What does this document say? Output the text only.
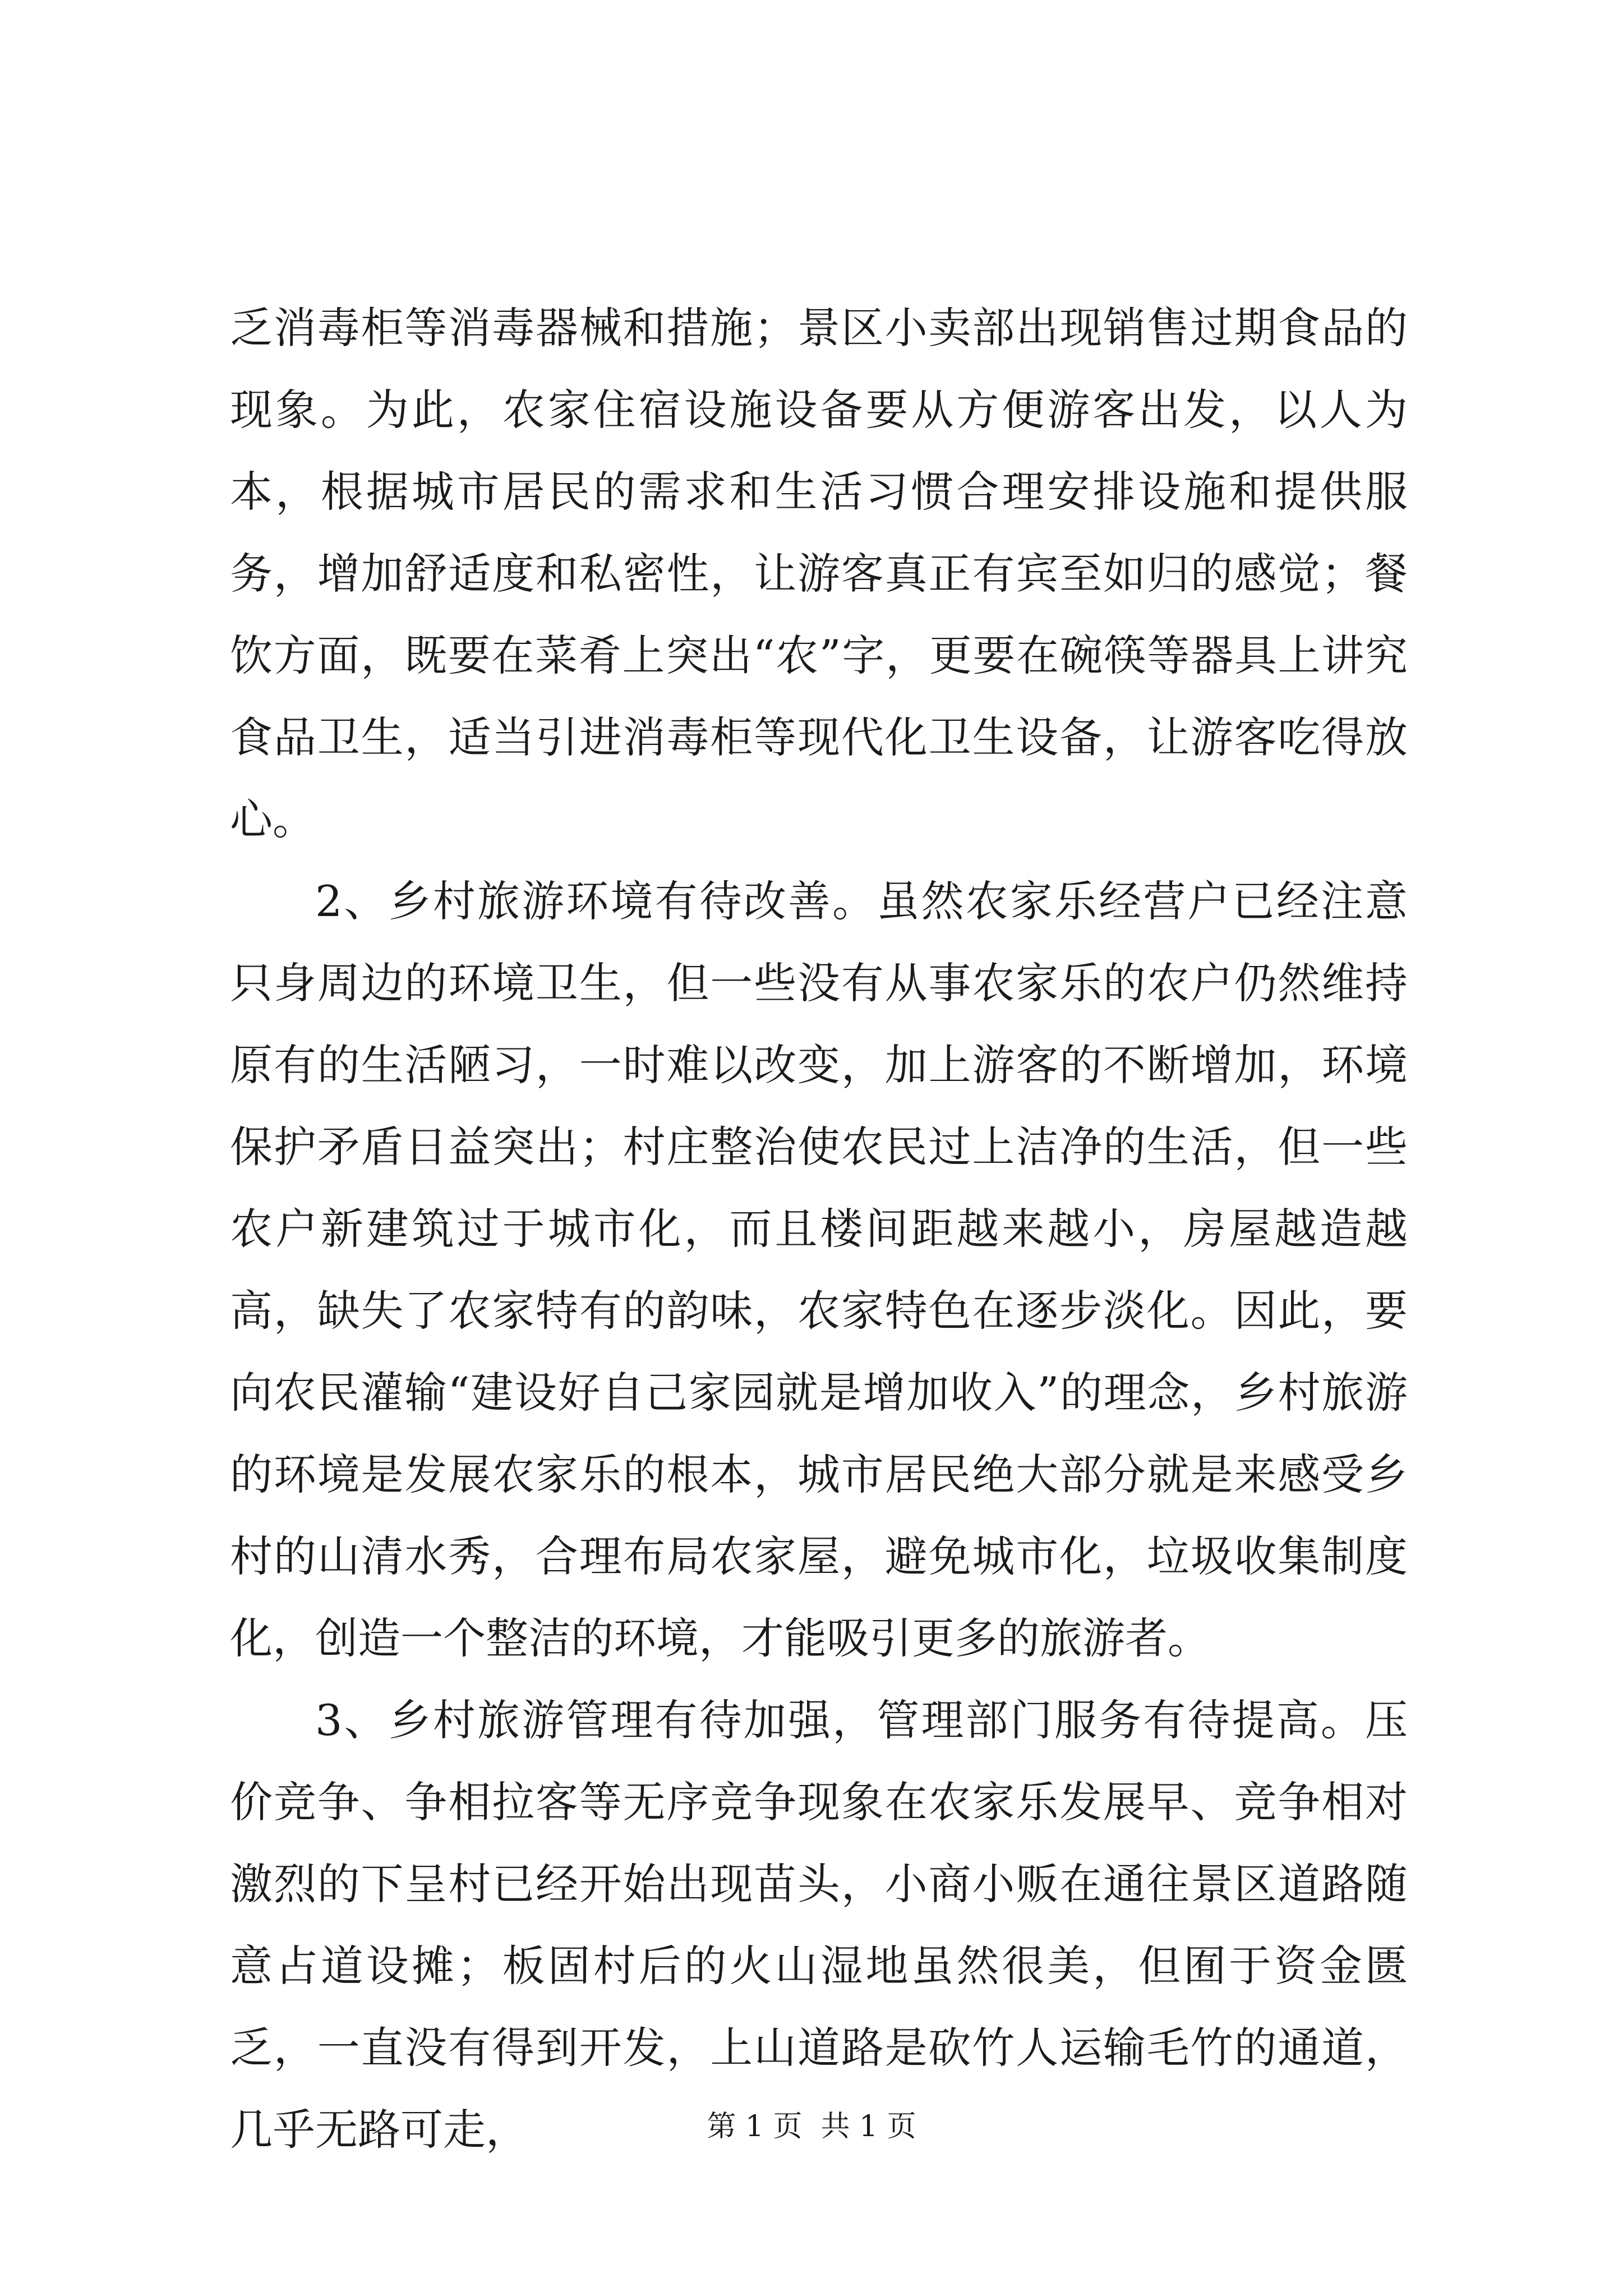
乏消毒柜等消毒器械和措施；景区小卖部出现销售过期食品的现象。为此，农家住宿设施设备要从方便游客出发，以人为本，根据城市居民的需求和生活习惯合理安排设施和提供服务，增加舒适度和私密性，让游客真正有宾至如归的感觉；餐饮方面，既要在菜肴上突出“农”字，更要在碗筷等器具上讲究食品卫生，适当引进消毒柜等现代化卫生设备，让游客吃得放心。

2、乡村旅游环境有待改善。虽然农家乐经营户已经注意只身周边的环境卫生，但一些没有从事农家乐的农户仍然维持原有的生活陋习，一时难以改变，加上游客的不断增加，环境保护矛盾日益突出；村庄整治使农民过上洁净的生活，但一些农户新建筑过于城市化，而且楼间距越来越小，房屋越造越高，缺失了农家特有的韵味，农家特色在逐步淡化。因此，要向农民灌输“建设好自己家园就是增加收入”的理念，乡村旅游的环境是发展农家乐的根本，城市居民绝大部分就是来感受乡村的山清水秀，合理布局农家屋，避免城市化，垃圾收集制度化，创造一个整洁的环境，才能吸引更多的旅游者。

3、乡村旅游管理有待加强，管理部门服务有待提高。压价竞争、争相拉客等无序竞争现象在农家乐发展早、竞争相对激烈的下呈村已经开始出现苗头，小商小贩在通往景区道路随意占道设摊；板固村后的火山湿地虽然很美，但囿于资金匮乏，一直没有得到开发，上山道路是砍竹人运输毛竹的通道，几乎无路可走，	第 1 页  共 1 页
